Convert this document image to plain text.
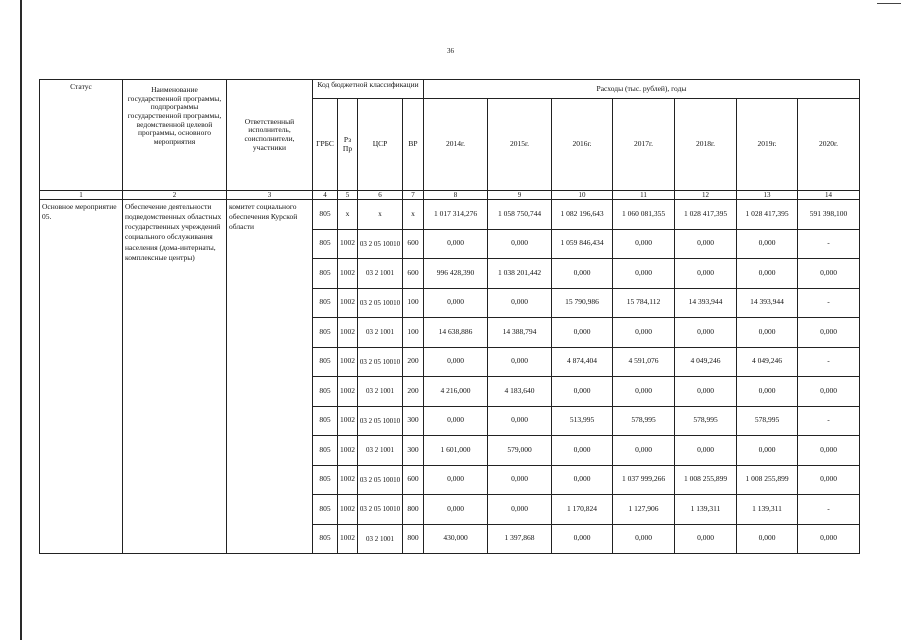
36
Статус	Наименование государственной программы, подпрограммы государственной программы, ведомственной целевой программы, основного мероприятия	Ответственный исполнитель, соисполнители, участники	Код бюджетной классификации				Расходы (тыс. рублей), годы						
			ГРБС	Рз Пр	ЦСР	ВР	2014г.	2015г.	2016г.	2017г.	2018г.	2019г.	2020г.
1	2	3	4	5	6	7	8	9	10	11	12	13	14
Основное мероприятие 05.	Обеспечение деятельности подведомственных областных государственных учреждений социального обслуживания населения (дома-интернаты, комплексные центры)	комитет социального обеспечения Курской области	805	х	х	х	1 017 314,276	1 058 750,744	1 082 196,643	1 060 081,355	1 028 417,395	1 028 417,395	591 398,100
			805	1002	03 2 05 10010	600	0,000	0,000	1 059 846,434	0,000	0,000	0,000	-
			805	1002	03 2 1001	600	996 428,390	1 038 201,442	0,000	0,000	0,000	0,000	0,000
			805	1002	03 2 05 10010	100	0,000	0,000	15 790,986	15 784,112	14 393,944	14 393,944	-
			805	1002	03 2 1001	100	14 638,886	14 388,794	0,000	0,000	0,000	0,000	0,000
			805	1002	03 2 05 10010	200	0,000	0,000	4 874,404	4 591,076	4 049,246	4 049,246	-
			805	1002	03 2 1001	200	4 216,000	4 183,640	0,000	0,000	0,000	0,000	0,000
			805	1002	03 2 05 10010	300	0,000	0,000	513,995	578,995	578,995	578,995	-
			805	1002	03 2 1001	300	1 601,000	579,000	0,000	0,000	0,000	0,000	0,000
			805	1002	03 2 05 10010	600	0,000	0,000	0,000	1 037 999,266	1 008 255,899	1 008 255,899	0,000
			805	1002	03 2 05 10010	800	0,000	0,000	1 170,824	1 127,906	1 139,311	1 139,311	-
			805	1002	03 2 1001	800	430,000	1 397,868	0,000	0,000	0,000	0,000	0,000
